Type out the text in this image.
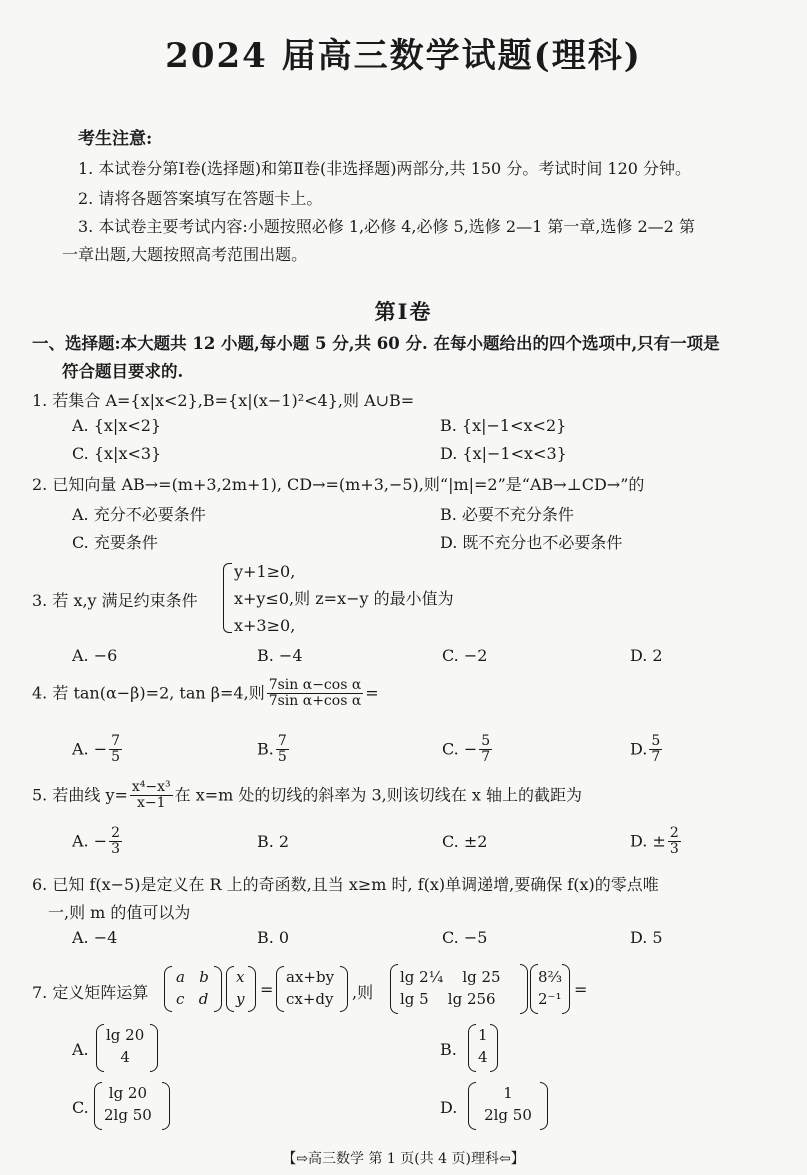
2024 届高三数学试题(理科)
考生注意:
1. 本试卷分第Ⅰ卷(选择题)和第Ⅱ卷(非选择题)两部分,共 150 分。考试时间 120 分钟。
2. 请将各题答案填写在答题卡上。
3. 本试卷主要考试内容:小题按照必修 1,必修 4,必修 5,选修 2—1 第一章,选修 2—2 第
一章出题,大题按照高考范围出题。
第Ⅰ卷
一、选择题:本大题共 12 小题,每小题 5 分,共 60 分. 在每小题给出的四个选项中,只有一项是
符合题目要求的.
1. 若集合 A={x|x<2},B={x|(x−1)²<4},则 A∪B=
A. {x|x<2}	B. {x|−1<x<2}
C. {x|x<3}	D. {x|−1<x<3}
2. 已知向量 AB→=(m+3,2m+1), CD→=(m+3,−5),则“|m|=2”是“AB→⊥CD→”的
A. 充分不必要条件	B. 必要不充分条件
C. 充要条件	D. 既不充分也不必要条件
3. 若 x,y 满足约束条件
y+1≥0,
x+y≤0,则 z=x−y 的最小值为
x+3≥0,
A. −6	B. −4	C. −2	D. 2
4. 若 tan(α−β)=2, tan β=4,则 $\frac{\text{7sin α−cos α}}{\text{7sin α+cos α}}$ =
A. − $\frac{7}{5}$	B. $\frac{7}{5}$	C. − $\frac{5}{7}$	D. $\frac{5}{7}$
5. 若曲线 $y= \frac{\text{x⁴−x³}}{x-1}$ 在 x=m 处的切线的斜率为 3,则该切线在 x 轴上的截距为
A. − $\frac{2}{3}$	B. 2	C. ±2	D. ± $\frac{2}{3}$
6. 已知 f(x−5)是定义在 R 上的奇函数,且当 x≥m 时, f(x)单调递增,要确保 f(x)的零点唯
一,则 m 的值可以为
A. −4	B. 0	C. −5	D. 5
7. 定义矩阵运算
a b
c d
x
y =
ax+by
cx+dy ,则
lg 2¼ lg 25
lg 5 lg 256
8⅔
2⁻¹ =
A.
lg 20
4	B.
1
4
C.
lg 20
2lg 50	D.
1
2lg 50
【⇨高三数学 第 1 页(共 4 页)理科⇦】
